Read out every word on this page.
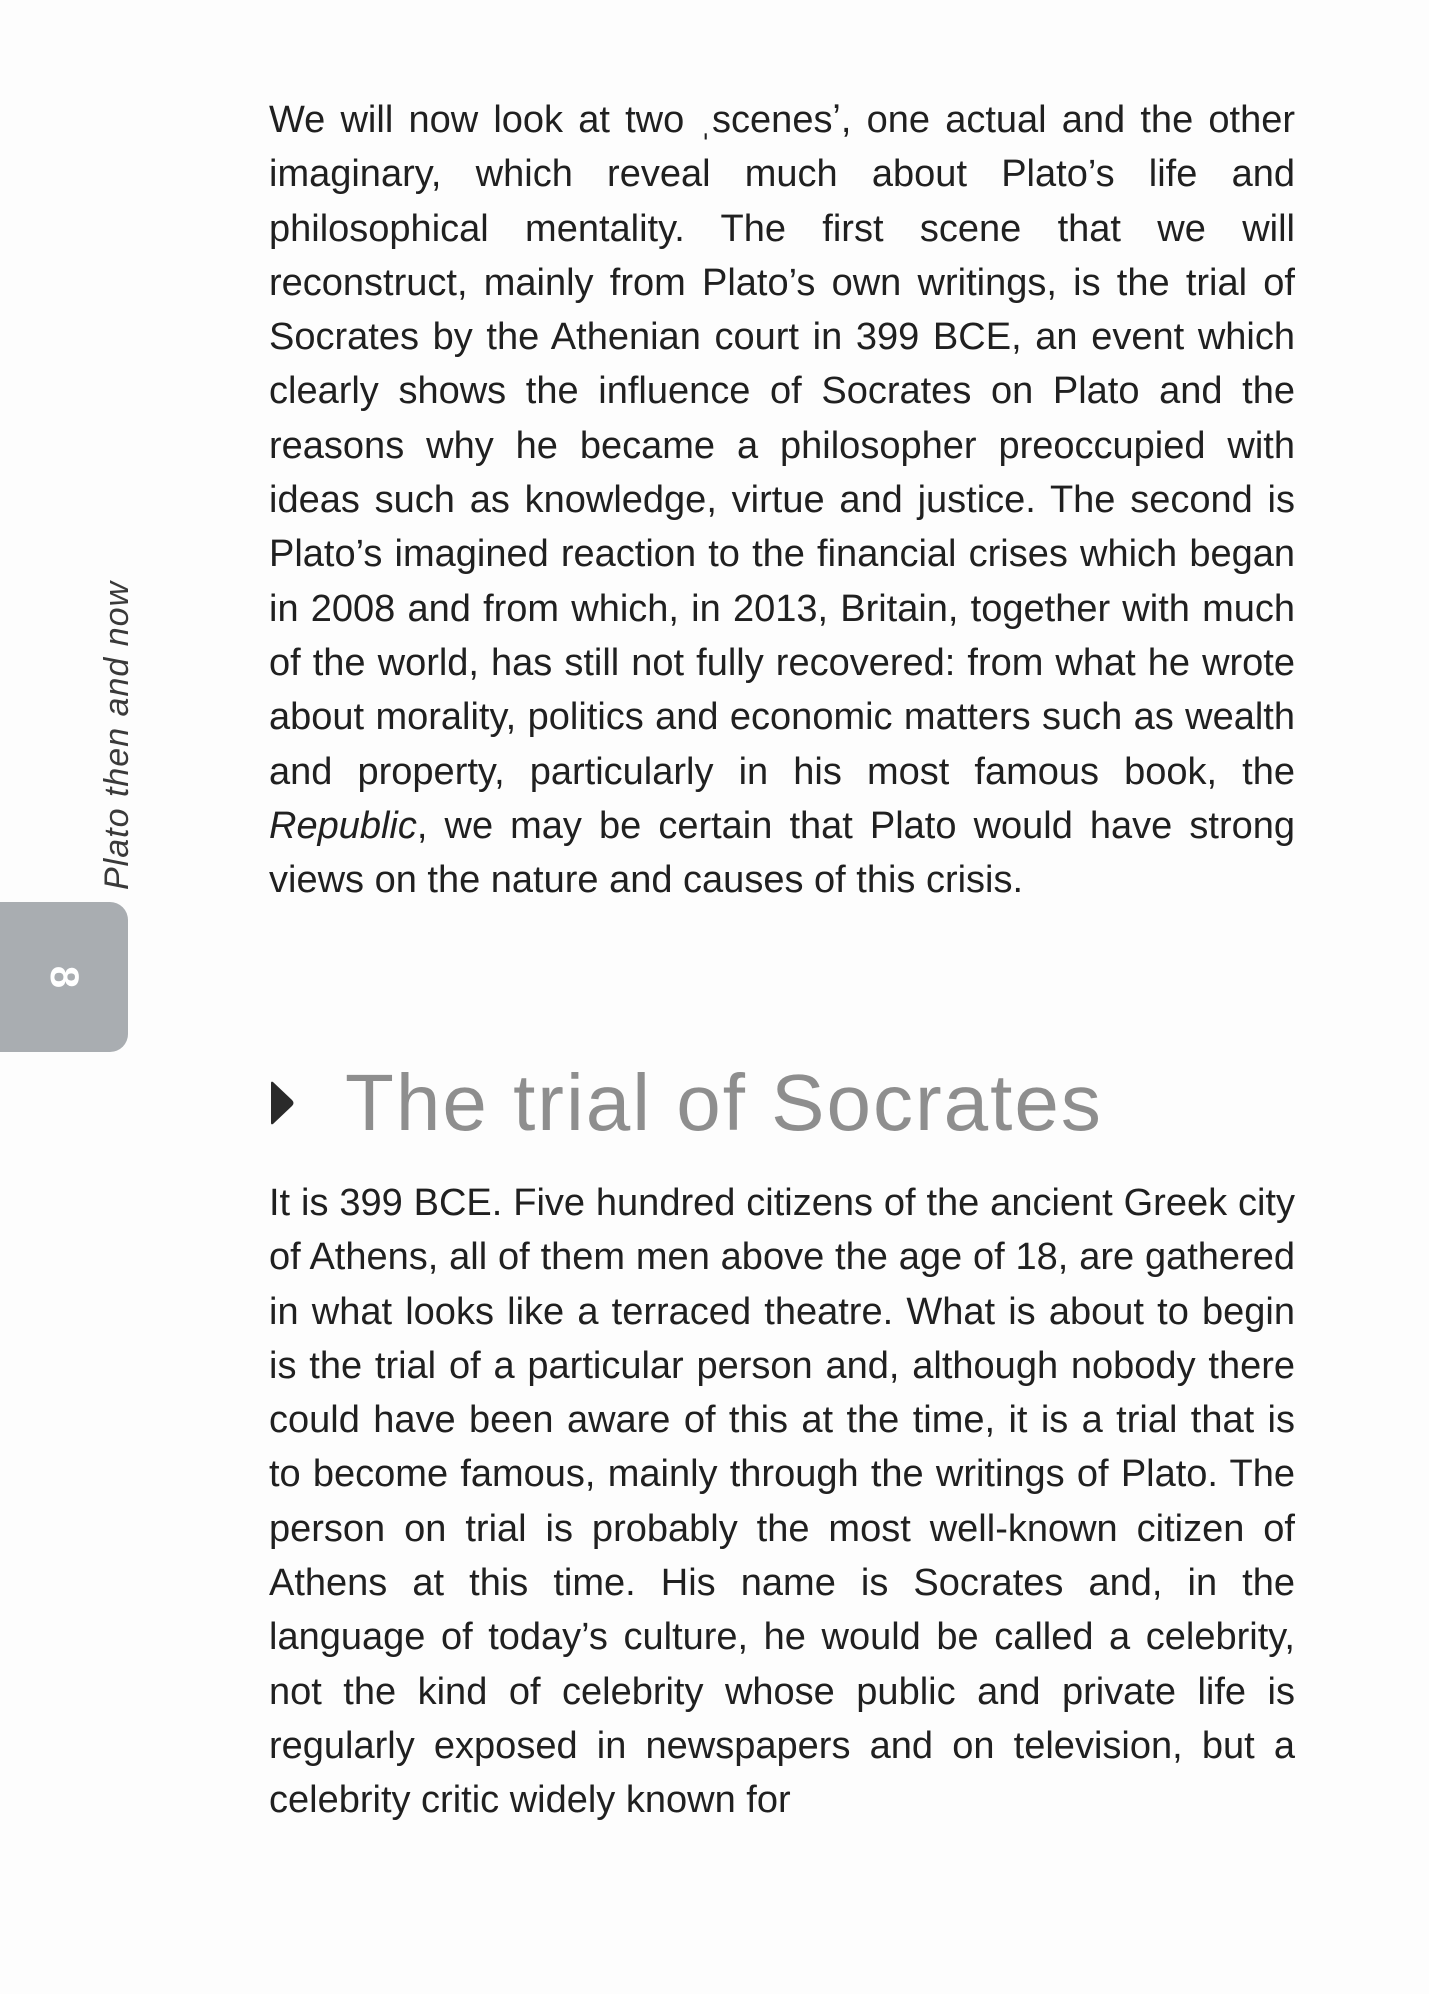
8
Plato then and now
We will now look at two ˌscenesʼ, one actual and the other imaginary, which reveal much about Plato’s life and philosophical mentality. The first scene that we will reconstruct, mainly from Plato’s own writings, is the trial of Socrates by the Athenian court in 399 BCE, an event which clearly shows the influence of Socrates on Plato and the reasons why he became a philosopher preoccupied with ideas such as knowledge, virtue and justice. The second is Plato’s imagined reaction to the financial crises which began in 2008 and from which, in 2013, Britain, together with much of the world, has still not fully recovered: from what he wrote about morality, politics and economic matters such as wealth and property, particularly in his most famous book, the Republic, we may be certain that Plato would have strong views on the nature and causes of this crisis.
The trial of Socrates
It is 399 BCE. Five hundred citizens of the ancient Greek city of Athens, all of them men above the age of 18, are gathered in what looks like a terraced theatre. What is about to begin is the trial of a particular person and, although nobody there could have been aware of this at the time, it is a trial that is to become famous, mainly through the writings of Plato. The person on trial is probably the most well-known citizen of Athens at this time. His name is Socrates and, in the language of today’s culture, he would be called a celebrity, not the kind of celebrity whose public and private life is regularly exposed in newspapers and on television, but a celebrity critic widely known for
